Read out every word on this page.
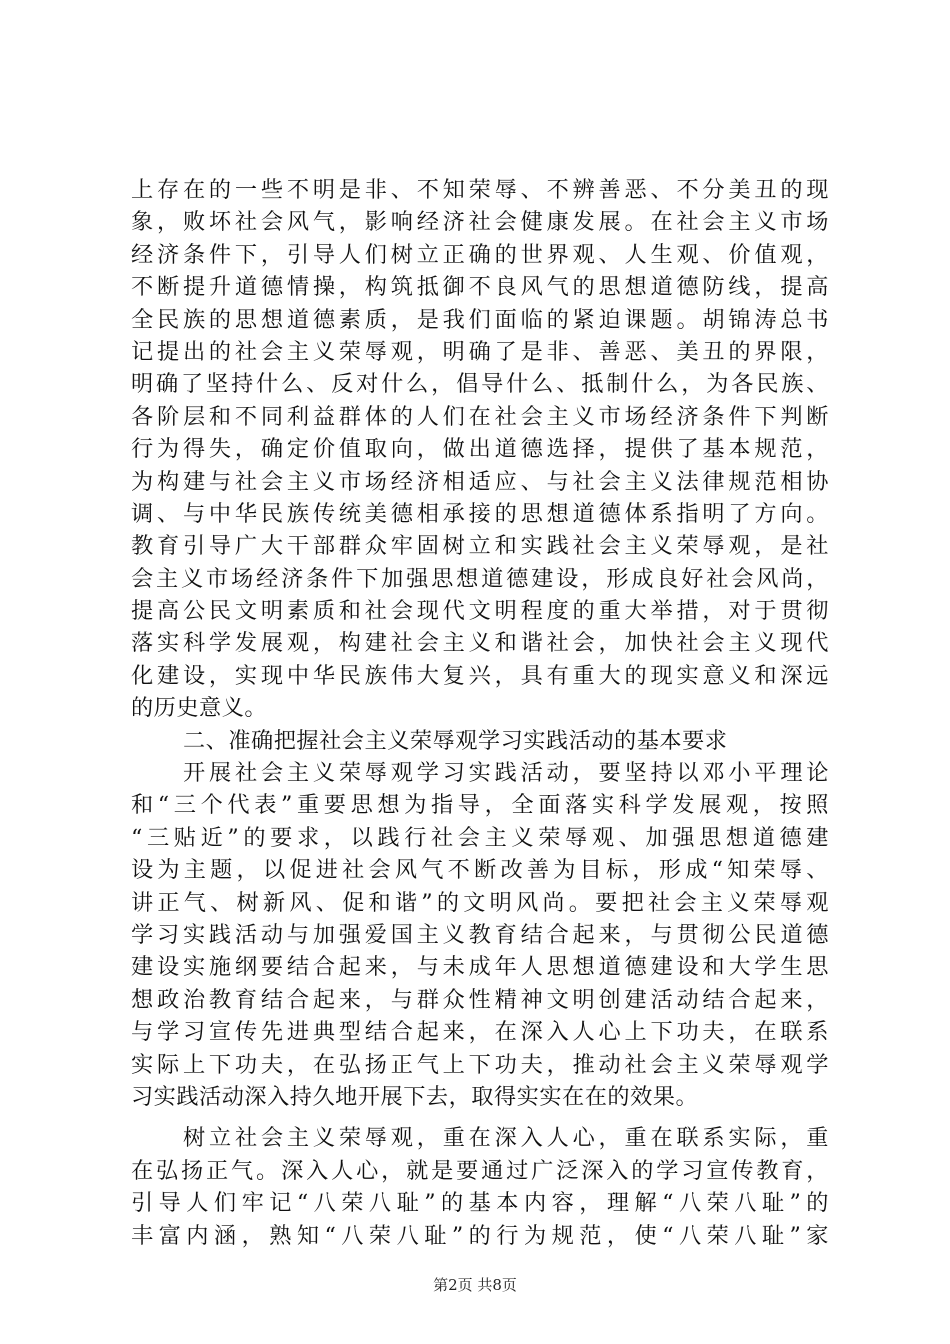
上存在的一些不明是非、不知荣辱、不辨善恶、不分美丑的现
象，败坏社会风气，影响经济社会健康发展。在社会主义市场
经济条件下，引导人们树立正确的世界观、人生观、价值观，
不断提升道德情操，构筑抵御不良风气的思想道德防线，提高
全民族的思想道德素质，是我们面临的紧迫课题。胡锦涛总书
记提出的社会主义荣辱观，明确了是非、善恶、美丑的界限，
明确了坚持什么、反对什么，倡导什么、抵制什么，为各民族、
各阶层和不同利益群体的人们在社会主义市场经济条件下判断
行为得失，确定价值取向，做出道德选择，提供了基本规范，
为构建与社会主义市场经济相适应、与社会主义法律规范相协
调、与中华民族传统美德相承接的思想道德体系指明了方向。
教育引导广大干部群众牢固树立和实践社会主义荣辱观，是社
会主义市场经济条件下加强思想道德建设，形成良好社会风尚，
提高公民文明素质和社会现代文明程度的重大举措，对于贯彻
落实科学发展观，构建社会主义和谐社会，加快社会主义现代
化建设，实现中华民族伟大复兴，具有重大的现实意义和深远
的历史意义。
二、准确把握社会主义荣辱观学习实践活动的基本要求
开展社会主义荣辱观学习实践活动，要坚持以邓小平理论
和“三个代表”重要思想为指导，全面落实科学发展观，按照
“三贴近”的要求，以践行社会主义荣辱观、加强思想道德建
设为主题，以促进社会风气不断改善为目标，形成“知荣辱、
讲正气、树新风、促和谐”的文明风尚。要把社会主义荣辱观
学习实践活动与加强爱国主义教育结合起来，与贯彻公民道德
建设实施纲要结合起来，与未成年人思想道德建设和大学生思
想政治教育结合起来，与群众性精神文明创建活动结合起来，
与学习宣传先进典型结合起来，在深入人心上下功夫，在联系
实际上下功夫，在弘扬正气上下功夫，推动社会主义荣辱观学
习实践活动深入持久地开展下去，取得实实在在的效果。
树立社会主义荣辱观，重在深入人心，重在联系实际，重
在弘扬正气。深入人心，就是要通过广泛深入的学习宣传教育，
引导人们牢记“八荣八耻”的基本内容，理解“八荣八耻”的
丰富内涵，熟知“八荣八耻”的行为规范，使“八荣八耻”家
第2页 共8页
